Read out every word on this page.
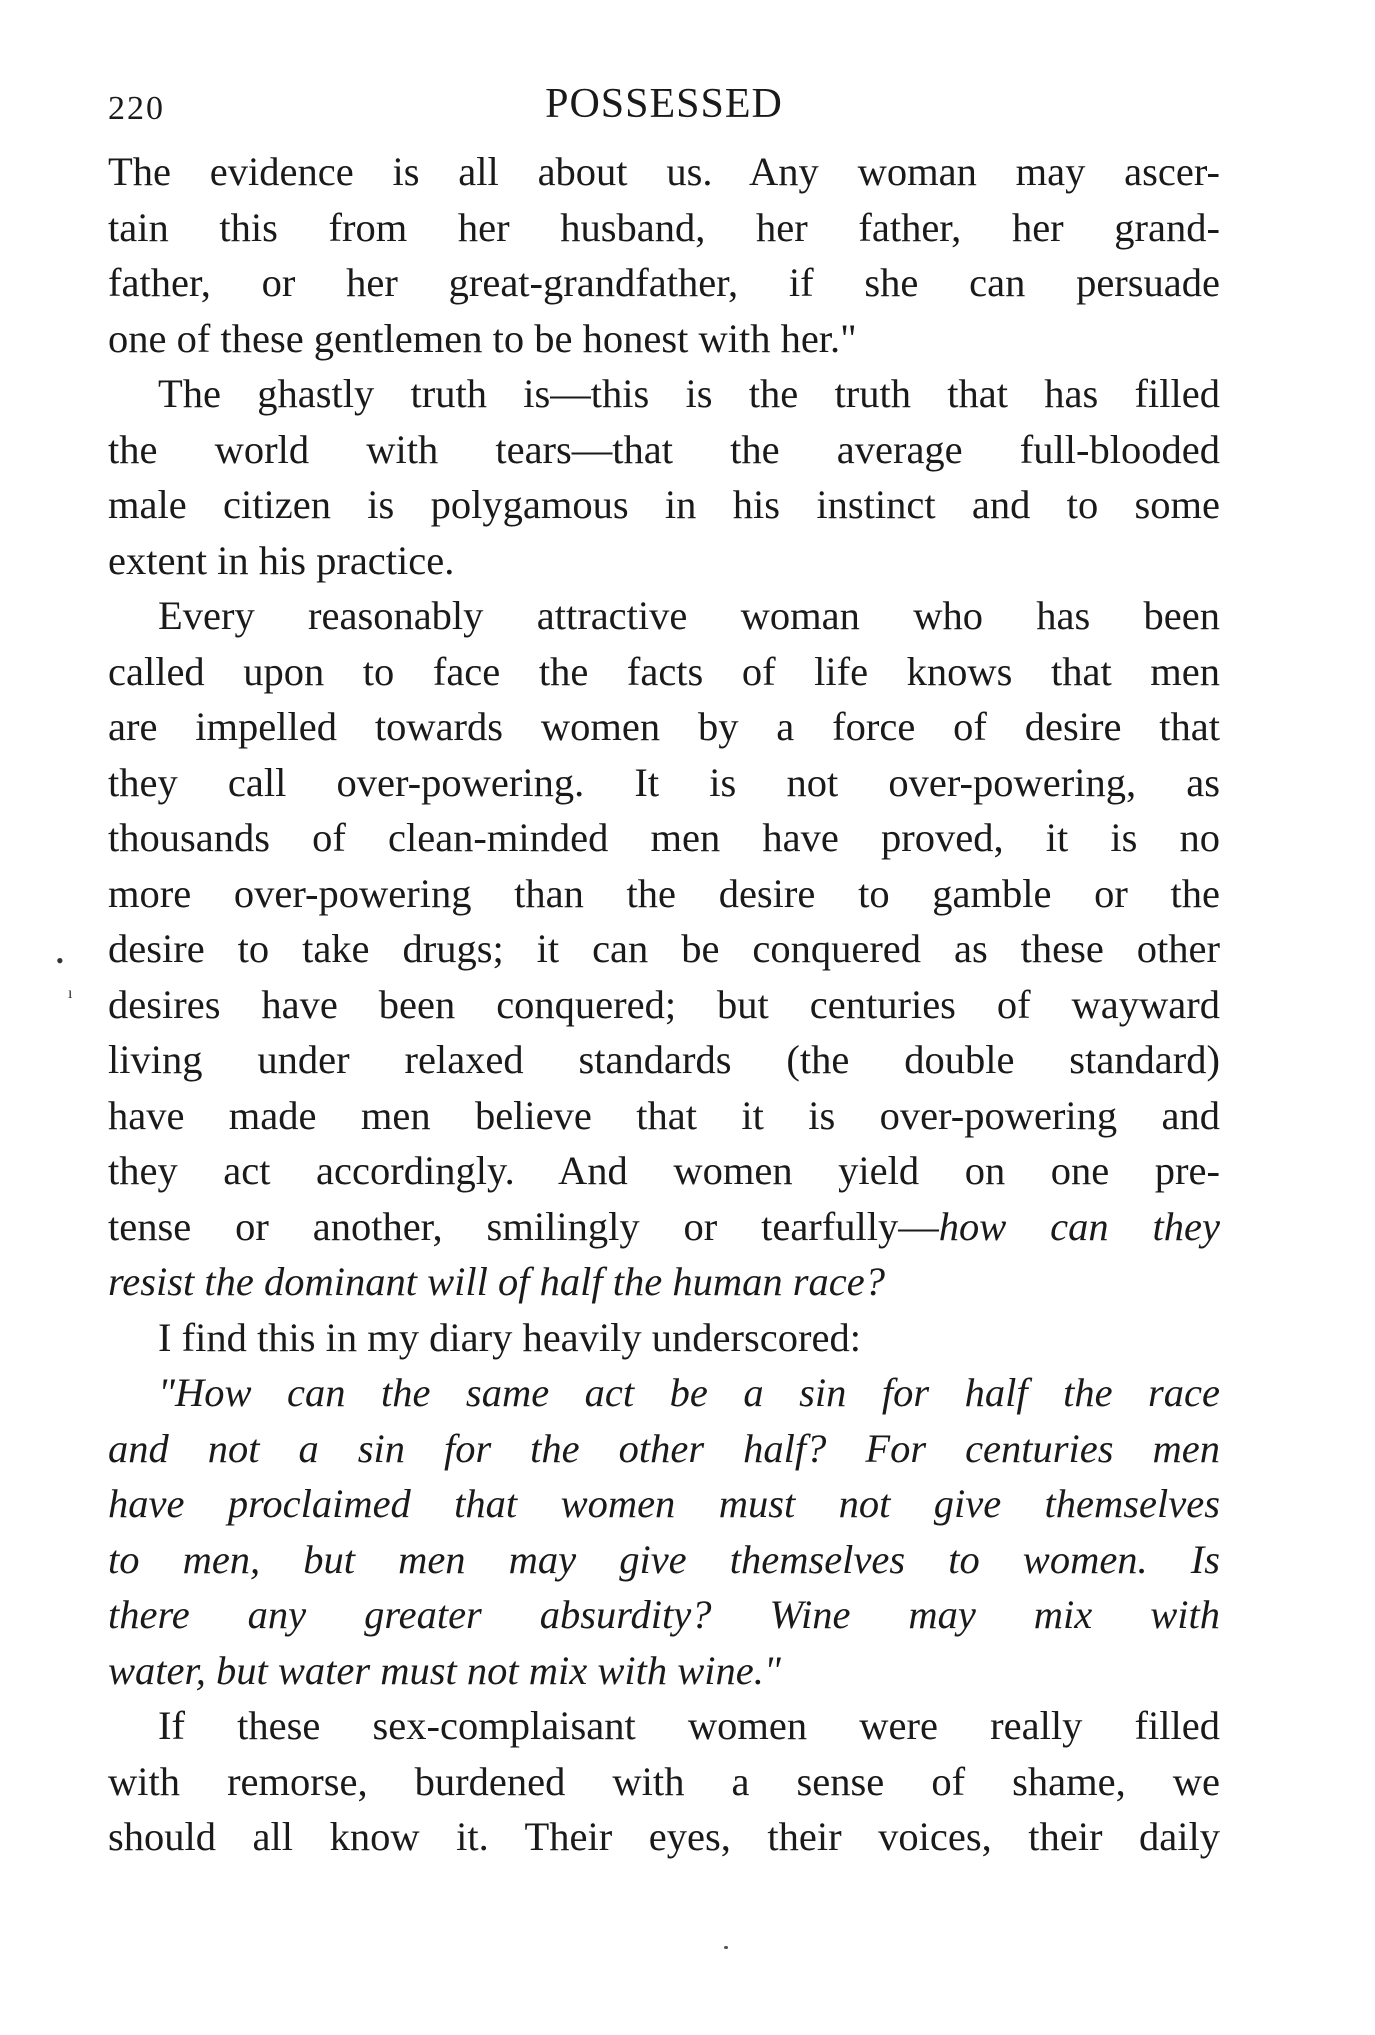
220	POSSESSED
The evidence is all about us. Any woman may ascer-
tain this from her husband, her father, her grand-
father, or her great-grandfather, if she can persuade
one of these gentlemen to be honest with her."
The ghastly truth is—this is the truth that has filled
the world with tears—that the average full-blooded
male citizen is polygamous in his instinct and to some
extent in his practice.
Every reasonably attractive woman who has been
called upon to face the facts of life knows that men
are impelled towards women by a force of desire that
they call over-powering. It is not over-powering, as
thousands of clean-minded men have proved, it is no
more over-powering than the desire to gamble or the
desire to take drugs; it can be conquered as these other
desires have been conquered; but centuries of wayward
living under relaxed standards (the double standard)
have made men believe that it is over-powering and
they act accordingly. And women yield on one pre-
tense or another, smilingly or tearfully—how can they
resist the dominant will of half the human race?
I find this in my diary heavily underscored:
"How can the same act be a sin for half the race
and not a sin for the other half? For centuries men
have proclaimed that women must not give themselves
to men, but men may give themselves to women. Is
there any greater absurdity? Wine may mix with
water, but water must not mix with wine."
If these sex-complaisant women were really filled
with remorse, burdened with a sense of shame, we
should all know it. Their eyes, their voices, their daily
•
ı
